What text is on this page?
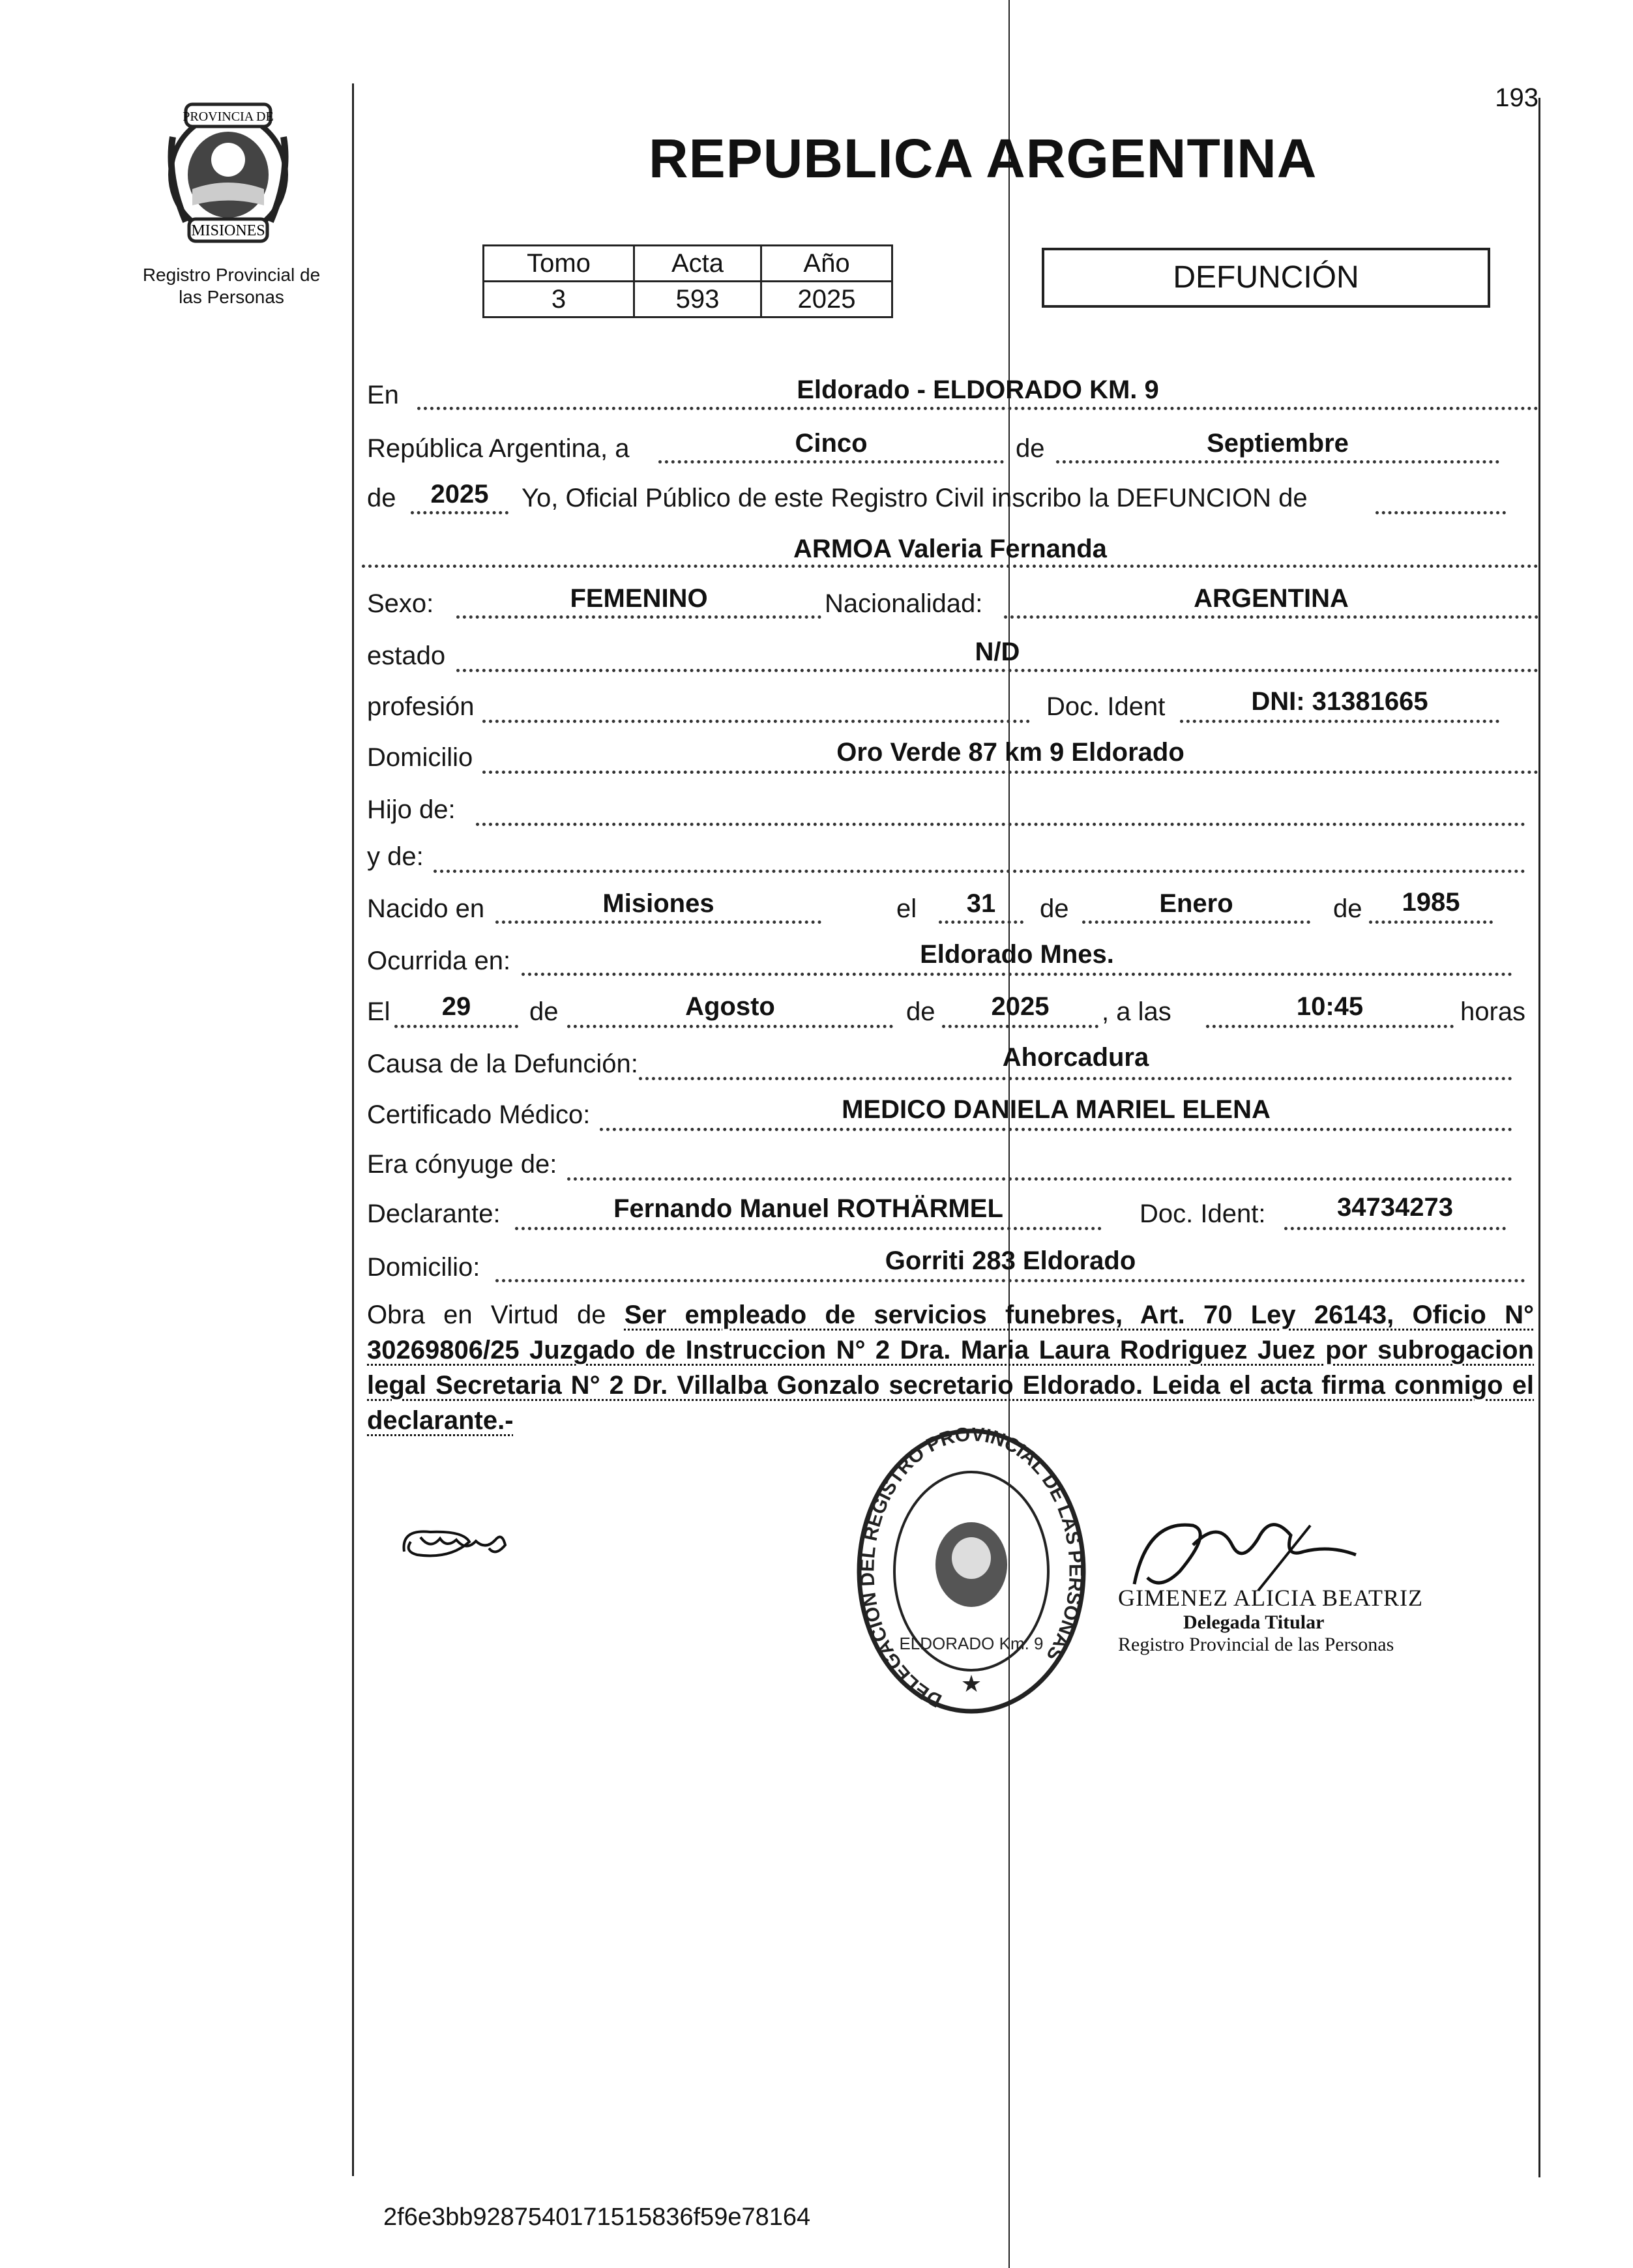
193
PROVINCIA DE
MISIONES
Registro Provincial de
las Personas
REPUBLICA ARGENTINA
Tomo	Acta	Año
3	593	2025
DEFUNCIÓN
En	Eldorado - ELDORADO KM. 9
República Argentina, a	Cinco	de	Septiembre
de	2025	Yo, Oficial Público de este Registro Civil inscribo la DEFUNCION de
ARMOA Valeria Fernanda
Sexo:	FEMENINO	Nacionalidad:	ARGENTINA
estado	N/D
profesión	Doc. Ident	DNI: 31381665
Domicilio	Oro Verde 87 km 9 Eldorado
Hijo de:
y de:
Nacido en	Misiones	el	31	de	Enero	de	1985
Ocurrida en:	Eldorado Mnes.
El	29	de	Agosto	de	2025	, a las	10:45	horas
Causa de la Defunción:	Ahorcadura
Certificado Médico:	MEDICO DANIELA MARIEL ELENA
Era cónyuge de:
Declarante:	Fernando Manuel ROTHÄRMEL	Doc. Ident:	34734273
Domicilio:	Gorriti 283 Eldorado
Obra en Virtud de Ser empleado de servicios funebres, Art. 70 Ley 26143, Oficio N° 30269806/25 Juzgado de Instruccion N° 2 Dra. Maria Laura Rodriguez Juez por subrogacion legal Secretaria N° 2 Dr. Villalba Gonzalo secretario Eldorado. Leida el acta firma conmigo el declarante.-
DELEGACION DEL REGISTRO PROVINCIAL DE LAS PERSONAS
ELDORADO Km. 9
★
GIMENEZ ALICIA BEATRIZ
Delegada Titular
Registro Provincial de las Personas
2f6e3bb9287540171515836f59e78164
